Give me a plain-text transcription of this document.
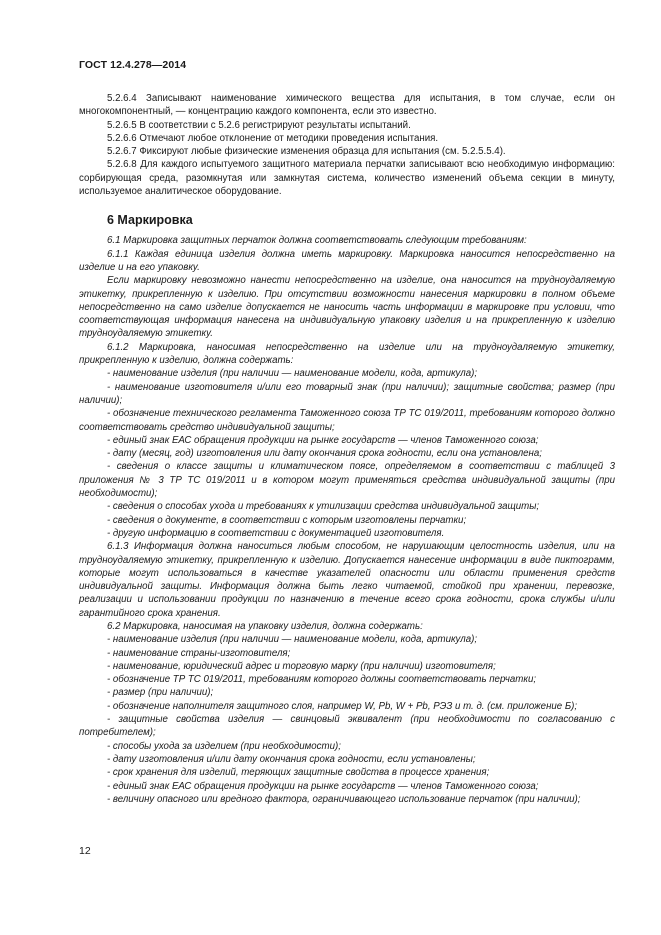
ГОСТ 12.4.278—2014

5.2.6.4 Записывают наименование химического вещества для испытания, в том случае, если он многокомпонентный, — концентрацию каждого компонента, если это известно.

5.2.6.5 В соответствии с 5.2.6 регистрируют результаты испытаний.

5.2.6.6 Отмечают любое отклонение от методики проведения испытания.

5.2.6.7 Фиксируют любые физические изменения образца для испытания (см. 5.2.5.5.4).

5.2.6.8 Для каждого испытуемого защитного материала перчатки записывают всю необходимую информацию: сорбирующая среда, разомкнутая или замкнутая система, количество изменений объема секции в минуту, используемое аналитическое оборудование.

6 Маркировка

6.1 Маркировка защитных перчаток должна соответствовать следующим требованиям:

6.1.1 Каждая единица изделия должна иметь маркировку. Маркировка наносится непосредственно на изделие и на его упаковку.

Если маркировку невозможно нанести непосредственно на изделие, она наносится на трудноудаляемую этикетку, прикрепленную к изделию. При отсутствии возможности нанесения маркировки в полном объеме непосредственно на само изделие допускается не наносить часть информации в маркировке при условии, что соответствующая информация нанесена на индивидуальную упаковку изделия и на прикрепленную к изделию трудноудаляемую этикетку.

6.1.2 Маркировка, наносимая непосредственно на изделие или на трудноудаляемую этикетку, прикрепленную к изделию, должна содержать:

- наименование изделия (при наличии — наименование модели, кода, артикула);

- наименование изготовителя и/или его товарный знак (при наличии); защитные свойства; размер (при наличии);

- обозначение технического регламента Таможенного союза ТР ТС 019/2011, требованиям которого должно соответствовать средство индивидуальной защиты;

- единый знак ЕАС обращения продукции на рынке государств — членов Таможенного союза;

- дату (месяц, год) изготовления или дату окончания срока годности, если она установлена;

- сведения о классе защиты и климатическом поясе, определяемом в соответствии с таблицей 3 приложения № 3 ТР ТС 019/2011 и в котором могут применяться средства индивидуальной защиты (при необходимости);

- сведения о способах ухода и требованиях к утилизации средства индивидуальной защиты;

- сведения о документе, в соответствии с которым изготовлены перчатки;

- другую информацию в соответствии с документацией изготовителя.

6.1.3 Информация должна наноситься любым способом, не нарушающим целостность изделия, или на трудноудаляемую этикетку, прикрепленную к изделию. Допускается нанесение информации в виде пиктограмм, которые могут использоваться в качестве указателей опасности или области применения средств индивидуальной защиты. Информация должна быть легко читаемой, стойкой при хранении, перевозке, реализации и использовании продукции по назначению в течение всего срока годности, срока службы и/или гарантийного срока хранения.

6.2 Маркировка, наносимая на упаковку изделия, должна содержать:

- наименование изделия (при наличии — наименование модели, кода, артикула);

- наименование страны-изготовителя;

- наименование, юридический адрес и торговую марку (при наличии) изготовителя;

- обозначение ТР ТС 019/2011, требованиям которого должны соответствовать перчатки;

- размер (при наличии);

- обозначение наполнителя защитного слоя, например W, Pb, W + Pb, РЭЗ и т. д. (см. приложение Б);

- защитные свойства изделия — свинцовый эквивалент (при необходимости по согласованию с потребителем);

- способы ухода за изделием (при необходимости);

- дату изготовления и/или дату окончания срока годности, если установлены;

- срок хранения для изделий, теряющих защитные свойства в процессе хранения;

- единый знак ЕАС обращения продукции на рынке государств — членов Таможенного союза;

- величину опасного или вредного фактора, ограничивающего использование перчаток (при наличии);

12
